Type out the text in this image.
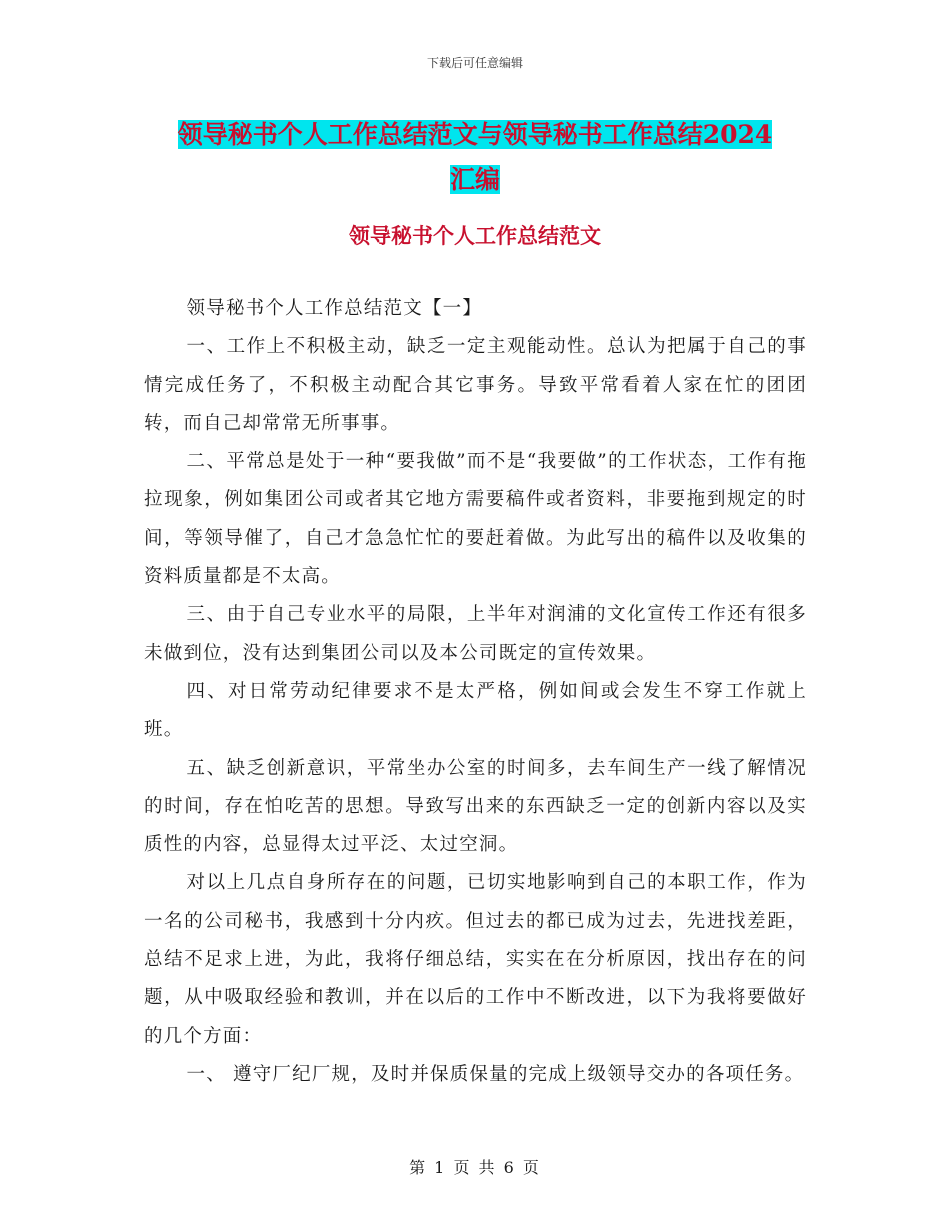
下载后可任意编辑
领导秘书个人工作总结范文与领导秘书工作总结2024
汇编
领导秘书个人工作总结范文

领导秘书个人工作总结范文【一】

一、工作上不积极主动，缺乏一定主观能动性。总认为把属于自己的事情完成任务了，不积极主动配合其它事务。导致平常看着人家在忙的团团转，而自己却常常无所事事。

二、平常总是处于一种“要我做”而不是“我要做”的工作状态，工作有拖拉现象，例如集团公司或者其它地方需要稿件或者资料，非要拖到规定的时间，等领导催了，自己才急急忙忙的要赶着做。为此写出的稿件以及收集的资料质量都是不太高。

三、由于自己专业水平的局限，上半年对润浦的文化宣传工作还有很多未做到位，没有达到集团公司以及本公司既定的宣传效果。

四、对日常劳动纪律要求不是太严格，例如间或会发生不穿工作就上班。

五、缺乏创新意识，平常坐办公室的时间多，去车间生产一线了解情况的时间，存在怕吃苦的思想。导致写出来的东西缺乏一定的创新内容以及实质性的内容，总显得太过平泛、太过空洞。

对以上几点自身所存在的问题，已切实地影响到自己的本职工作，作为一名的公司秘书，我感到十分内疚。但过去的都已成为过去，先进找差距，总结不足求上进，为此，我将仔细总结，实实在在分析原因，找出存在的问题，从中吸取经验和教训，并在以后的工作中不断改进，以下为我将要做好的几个方面：

一、 遵守厂纪厂规，及时并保质保量的完成上级领导交办的各项任务。

第 1 页 共 6 页
